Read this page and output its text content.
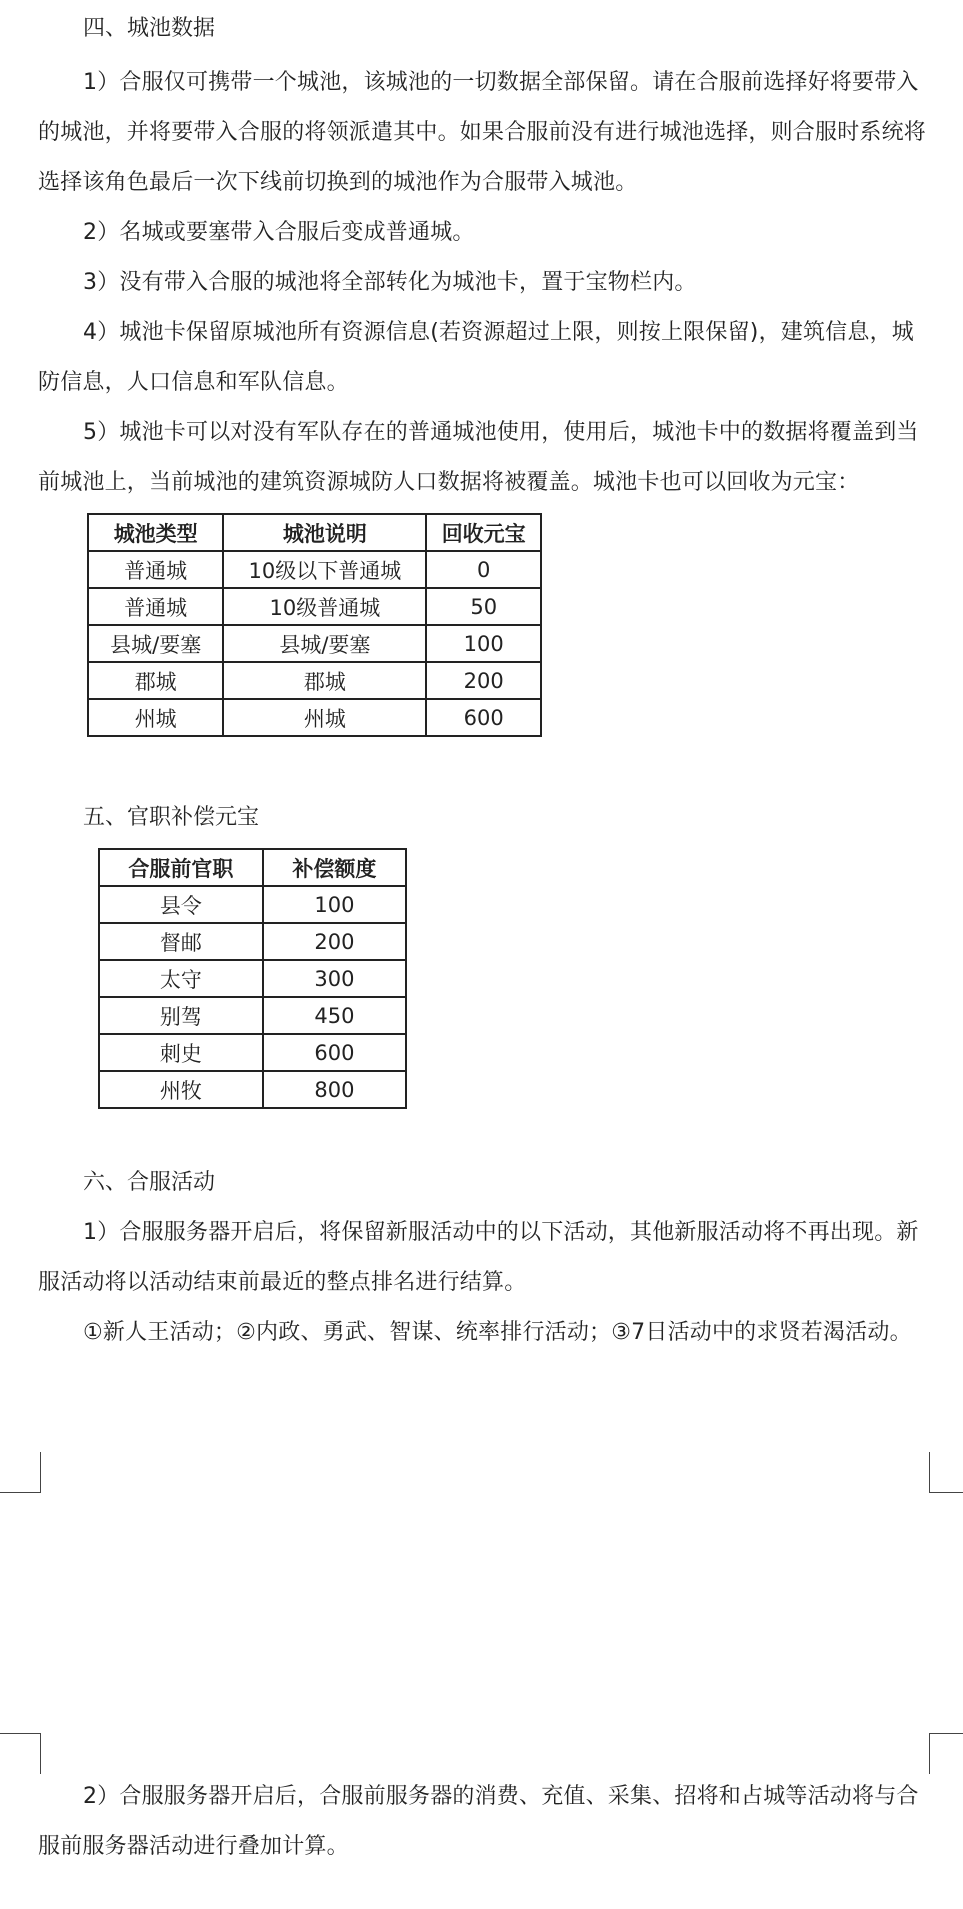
四、城池数据
1）合服仅可携带一个城池，该城池的一切数据全部保留。请在合服前选择好将要带入的城池，并将要带入合服的将领派遣其中。如果合服前没有进行城池选择，则合服时系统将选择该角色最后一次下线前切换到的城池作为合服带入城池。
2）名城或要塞带入合服后变成普通城。
3）没有带入合服的城池将全部转化为城池卡，置于宝物栏内。
4）城池卡保留原城池所有资源信息(若资源超过上限，则按上限保留)，建筑信息，城防信息，人口信息和军队信息。
5）城池卡可以对没有军队存在的普通城池使用，使用后，城池卡中的数据将覆盖到当前城池上，当前城池的建筑资源城防人口数据将被覆盖。城池卡也可以回收为元宝：
城池类型	城池说明	回收元宝
普通城	10级以下普通城	0
普通城	10级普通城	50
县城/要塞	县城/要塞	100
郡城	郡城	200
州城	州城	600
五、官职补偿元宝
合服前官职	补偿额度
县令	100
督邮	200
太守	300
别驾	450
刺史	600
州牧	800
六、合服活动
1）合服服务器开启后，将保留新服活动中的以下活动，其他新服活动将不再出现。新服活动将以活动结束前最近的整点排名进行结算。
①新人王活动；②内政、勇武、智谋、统率排行活动；③7日活动中的求贤若渴活动。
2）合服服务器开启后，合服前服务器的消费、充值、采集、招将和占城等活动将与合服前服务器活动进行叠加计算。
